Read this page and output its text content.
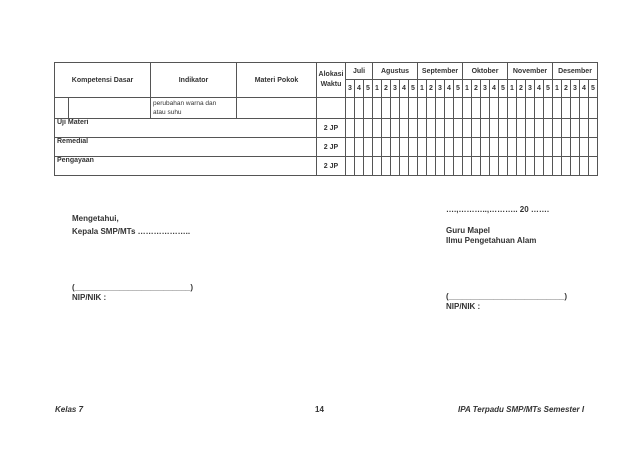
Kompetensi Dasar		Indikator	Materi Pokok	Alokasi
Waktu	Juli			Agustus					September					Oktober					November					Desember				
					3	4	5	1	2	3	4	5	1	2	3	4	5	1	2	3	4	5	1	2	3	4	5	1	2	3	4	5
		perubahan warna dan
atau suhu																														
Uji Materi				2 JP																												
Remedial				2 JP																												
Pengayaan				2 JP																												
Mengetahui,
Kepala SMP/MTs ………………..
(__________________________)
NIP/NIK :
….,………..,……….. 20 …….
Guru Mapel
Ilmu Pengetahuan Alam
(__________________________)
NIP/NIK :
Kelas 7	14	IPA Terpadu SMP/MTs Semester I
